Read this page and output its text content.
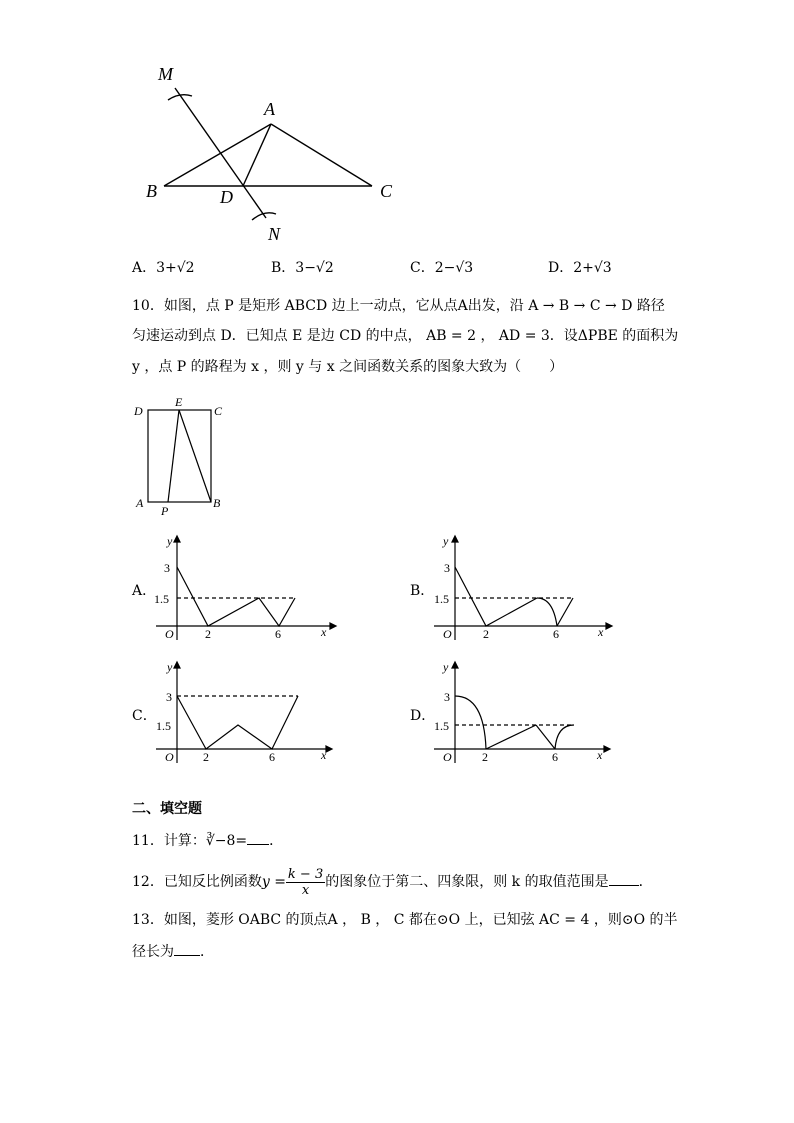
M
A
B	C
D
N
A．3+√2	B．3−√2	C．2−√3	D．2+√3
10．如图，点 P 是矩形 ABCD 边上一动点，它从点A出发，沿 A → B → C → D 路径
匀速运动到点 D．已知点 E 是边 CD 的中点， AB = 2 ， AD = 3．设ΔPBE 的面积为
y ，点 P 的路程为 x ，则 y 与 x 之间函数关系的图象大致为（　　）
D
E
C
A
P
B
A．
y
3
1.5
O	2	6	x
B．
y
3
1.5
O	2	6	x
C．
y
3
1.5
O 2	6	x
D．
y
3
1.5
O	2	6	x
二、填空题
11．计算：∛−8= ．
12．已知反比例函数$y = \frac{k - 3}{x}$ 的图象位于第二、四象限，则 k 的取值范围是 ．
13．如图，菱形 OABC 的顶点A ， B ， C 都在⊙O 上，已知弦 AC = 4 ，则⊙O 的半
径长为 ．
